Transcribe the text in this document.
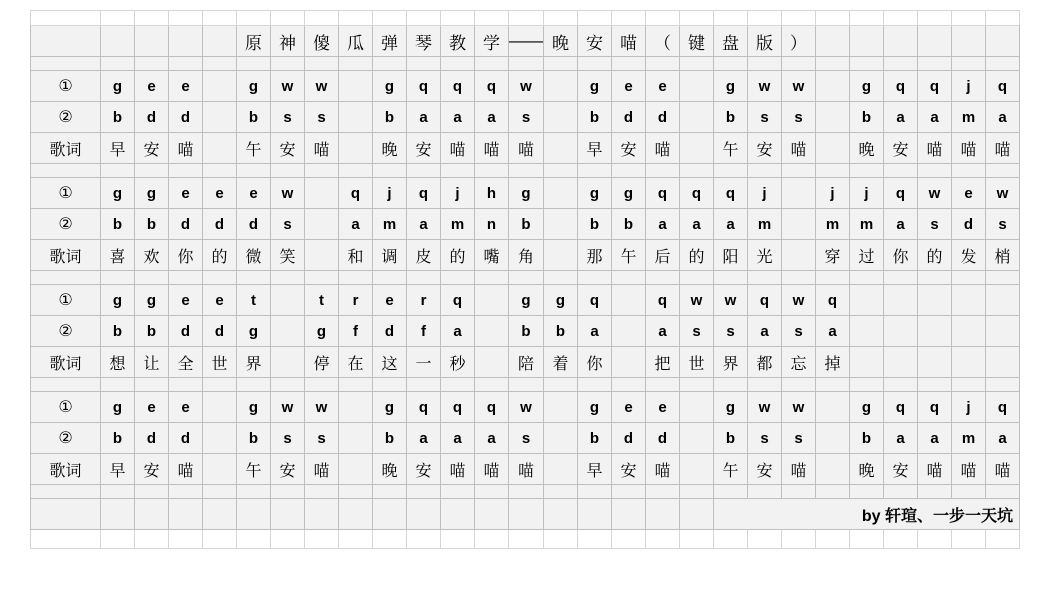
					原	神	傻	瓜	弹	琴	教	学	——	晚	安	喵	（	键	盘	版	）						

①	g	e	e		g	w	w		g	q	q	q	w		g	e	e		g	w	w		g	q	q	j	q
②	b	d	d		b	s	s		b	a	a	a	s		b	d	d		b	s	s		b	a	a	m	a
歌词	早	安	喵		午	安	喵		晚	安	喵	喵	喵		早	安	喵		午	安	喵		晚	安	喵	喵	喵

①	g	g	e	e	e	w		q	j	q	j	h	g		g	g	q	q	q	j		j	j	q	w	e	w
②	b	b	d	d	d	s		a	m	a	m	n	b		b	b	a	a	a	m		m	m	a	s	d	s
歌词	喜	欢	你	的	微	笑		和	调	皮	的	嘴	角		那	午	后	的	阳	光		穿	过	你	的	发	梢

①	g	g	e	e	t		t	r	e	r	q		g	g	q		q	w	w	q	w	q					
②	b	b	d	d	g		g	f	d	f	a		b	b	a		a	s	s	a	s	a					
歌词	想	让	全	世	界		停	在	这	一	秒		陪	着	你		把	世	界	都	忘	掉					

①	g	e	e		g	w	w		g	q	q	q	w		g	e	e		g	w	w		g	q	q	j	q
②	b	d	d		b	s	s		b	a	a	a	s		b	d	d		b	s	s		b	a	a	m	a
歌词	早	安	喵		午	安	喵		晚	安	喵	喵	喵		早	安	喵		午	安	喵		晚	安	喵	喵	喵

																			by 轩瑄、一步一天坑								
